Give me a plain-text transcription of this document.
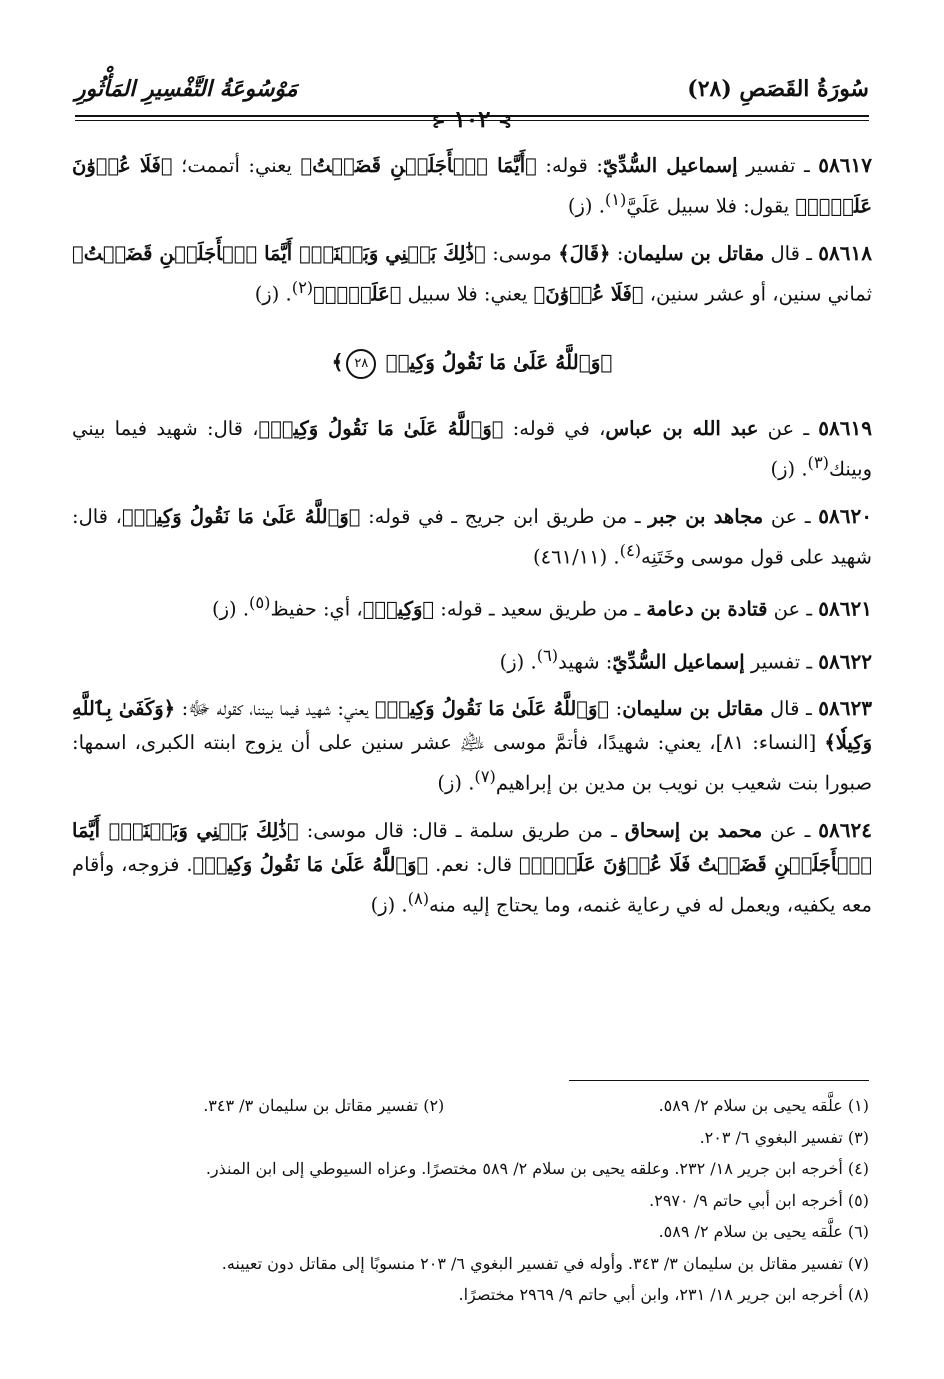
سُورَةُ القَصَصِ (٢٨)
مَوْسُوعَةُ التَّفْسِيرِ المَأْثُورِ
⊱ ١٠٢ ⊰
٥٨٦١٧ ـ تفسير إسماعيل السُّدِّيّ: قوله: ﴿أَيَّمَا ٱلۡأَجَلَيۡنِ قَضَيۡتُ﴾ يعني: أتممت؛ ﴿فَلَا عُدۡوَٰنَ عَلَيَّۖ﴾ يقول: فلا سبيل عَلَيَّ$^{(١)}$. (ز)
٥٨٦١٨ ـ قال مقاتل بن سليمان: ﴿قَالَ﴾ موسى: ﴿ذَٰلِكَ بَيۡنِي وَبَيۡنَكَۖ أَيَّمَا ٱلۡأَجَلَيۡنِ قَضَيۡتُ﴾ ثماني سنين، أو عشر سنين، ﴿فَلَا عُدۡوَٰنَ﴾ يعني: فلا سبيل ﴿عَلَيَّۖ﴾$^{(٢)}$. (ز)
﴿وَٱللَّهُ عَلَىٰ مَا نَقُولُ وَكِيلٞ ٢٨﴾
٥٨٦١٩ ـ عن عبد الله بن عباس، في قوله: ﴿وَٱللَّهُ عَلَىٰ مَا نَقُولُ وَكِيلٞ﴾، قال: شهيد فيما بيني وبينك$^{(٣)}$. (ز)
٥٨٦٢٠ ـ عن مجاهد بن جبر ـ من طريق ابن جريج ـ في قوله: ﴿وَٱللَّهُ عَلَىٰ مَا نَقُولُ وَكِيلٞ﴾، قال: شهيد على قول موسى وخَتَنِه$^{(٤)}$. (٤٦١/١١)
٥٨٦٢١ ـ عن قتادة بن دعامة ـ من طريق سعيد ـ قوله: ﴿وَكِيلٞ﴾، أي: حفيظ$^{(٥)}$. (ز)
٥٨٦٢٢ ـ تفسير إسماعيل السُّدِّيّ: شهيد$^{(٦)}$. (ز)
٥٨٦٢٣ ـ قال مقاتل بن سليمان: ﴿وَٱللَّهُ عَلَىٰ مَا نَقُولُ وَكِيلٞ﴾ يعني: شهيد فيما بيننا، كقوله ﷻ: ﴿وَكَفَىٰ بِٱللَّهِ وَكِيلٗا﴾ [النساء: ٨١]، يعني: شهيدًا، فأتمَّ موسى ﵇ عشر سنين على أن يزوج ابنته الكبرى، اسمها: صبورا بنت شعيب بن نويب بن مدين بن إبراهيم$^{(٧)}$. (ز)
٥٨٦٢٤ ـ عن محمد بن إسحاق ـ من طريق سلمة ـ قال: قال موسى: ﴿ذَٰلِكَ بَيۡنِي وَبَيۡنَكَۖ أَيَّمَا ٱلۡأَجَلَيۡنِ قَضَيۡتُ فَلَا عُدۡوَٰنَ عَلَيَّۖ﴾ قال: نعم. ﴿وَٱللَّهُ عَلَىٰ مَا نَقُولُ وَكِيلٞ﴾. فزوجه، وأقام معه يكفيه، ويعمل له في رعاية غنمه، وما يحتاج إليه منه$^{(٨)}$. (ز)
(١) علَّقه يحيى بن سلام ٢/ ٥٨٩.
(٢) تفسير مقاتل بن سليمان ٣/ ٣٤٣.
(٣) تفسير البغوي ٦/ ٢٠٣.
(٤) أخرجه ابن جرير ١٨/ ٢٣٢. وعلقه يحيى بن سلام ٢/ ٥٨٩ مختصرًا. وعزاه السيوطي إلى ابن المنذر.
(٥) أخرجه ابن أبي حاتم ٩/ ٢٩٧٠.
(٦) علَّقه يحيى بن سلام ٢/ ٥٨٩.
(٧) تفسير مقاتل بن سليمان ٣/ ٣٤٣. وأوله في تفسير البغوي ٦/ ٢٠٣ منسوبًا إلى مقاتل دون تعيينه.
(٨) أخرجه ابن جرير ١٨/ ٢٣١، وابن أبي حاتم ٩/ ٢٩٦٩ مختصرًا.
